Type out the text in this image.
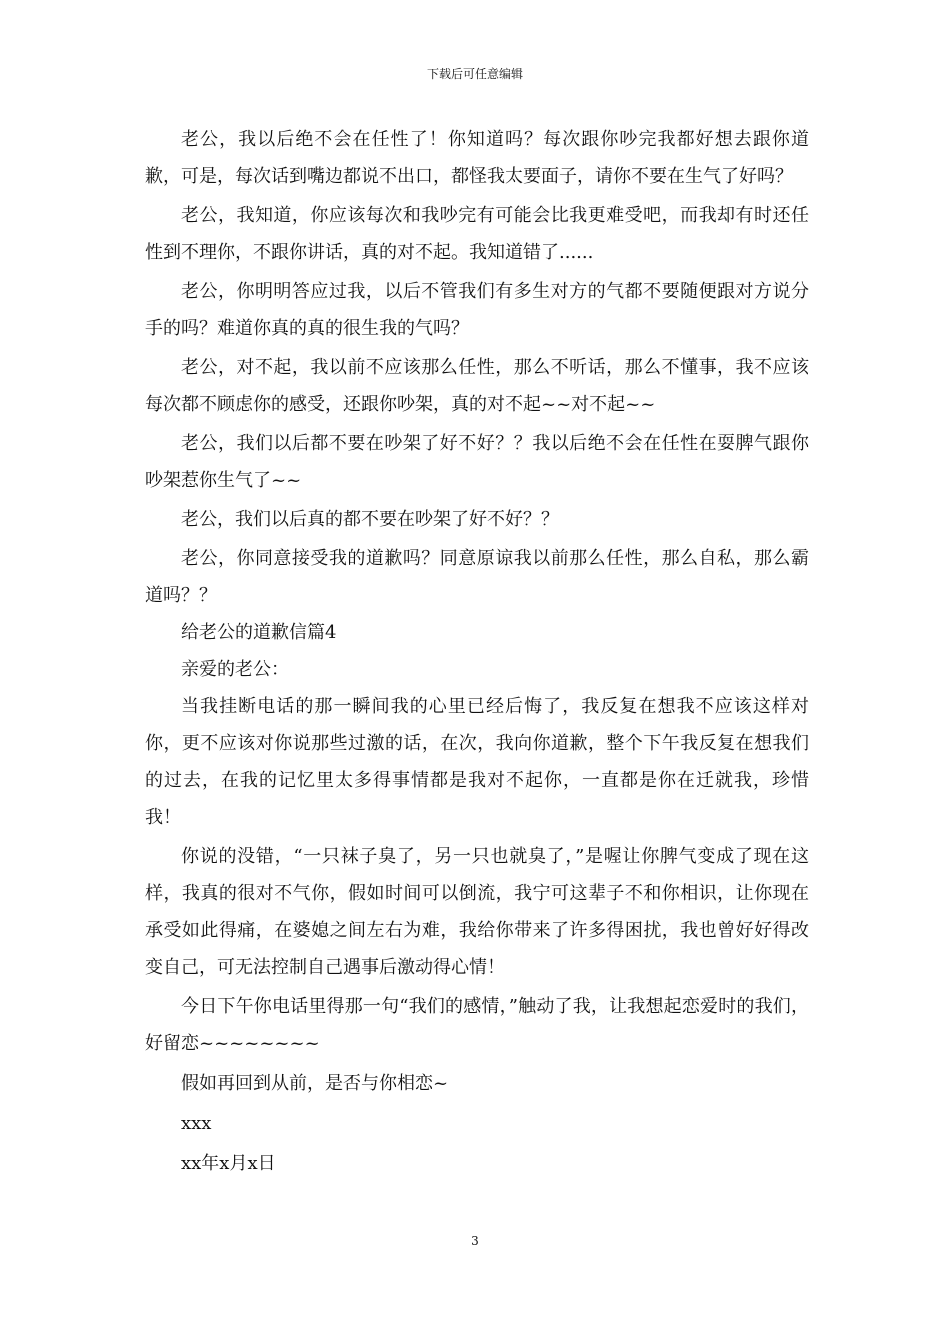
下载后可任意编辑

老公，我以后绝不会在任性了！你知道吗？每次跟你吵完我都好想去跟你道歉，可是，每次话到嘴边都说不出口，都怪我太要面子，请你不要在生气了好吗？

老公，我知道，你应该每次和我吵完有可能会比我更难受吧，而我却有时还任性到不理你，不跟你讲话，真的对不起。我知道错了......

老公，你明明答应过我，以后不管我们有多生对方的气都不要随便跟对方说分手的吗？难道你真的真的很生我的气吗？

老公，对不起，我以前不应该那么任性，那么不听话，那么不懂事，我不应该每次都不顾虑你的感受，还跟你吵架，真的对不起~~对不起~~

老公，我们以后都不要在吵架了好不好？？我以后绝不会在任性在耍脾气跟你吵架惹你生气了~~

老公，我们以后真的都不要在吵架了好不好？？

老公，你同意接受我的道歉吗？同意原谅我以前那么任性，那么自私，那么霸道吗？？

给老公的道歉信篇4

亲爱的老公：

当我挂断电话的那一瞬间我的心里已经后悔了，我反复在想我不应该这样对你，更不应该对你说那些过激的话，在次，我向你道歉，整个下午我反复在想我们的过去，在我的记忆里太多得事情都是我对不起你，一直都是你在迁就我，珍惜我！

你说的没错，“一只袜子臭了，另一只也就臭了，”是喔让你脾气变成了现在这样，我真的很对不气你，假如时间可以倒流，我宁可这辈子不和你相识，让你现在承受如此得痛，在婆媳之间左右为难，我给你带来了许多得困扰，我也曾好好得改变自己，可无法控制自己遇事后激动得心情！

今日下午你电话里得那一句“我们的感情，”触动了我，让我想起恋爱时的我们，好留恋~~~~~~~~

假如再回到从前，是否与你相恋~

xxx

xx年x月x日

3
